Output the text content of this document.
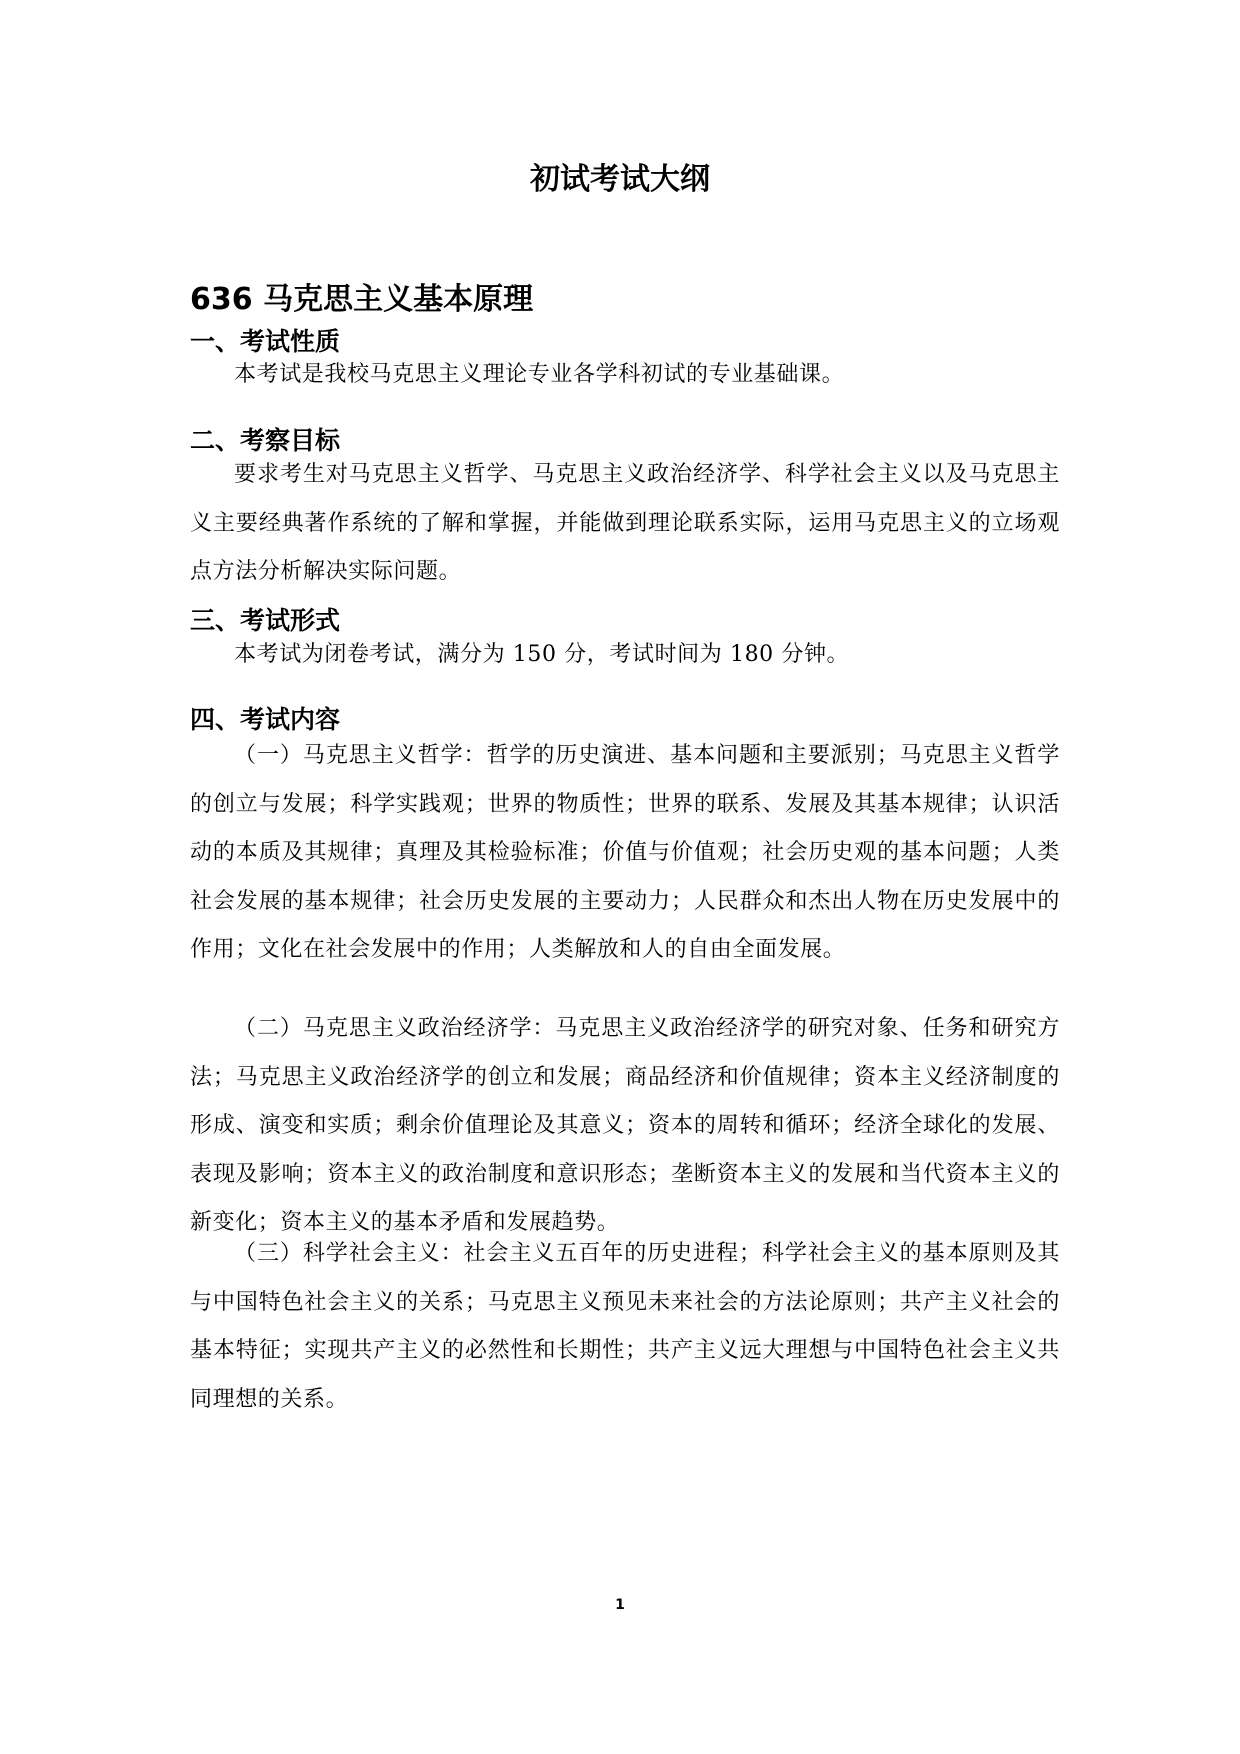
初试考试大纲
636 马克思主义基本原理
一、考试性质

本考试是我校马克思主义理论专业各学科初试的专业基础课。

二、考察目标

要求考生对马克思主义哲学、马克思主义政治经济学、科学社会主义以及马克思主义主要经典著作系统的了解和掌握，并能做到理论联系实际，运用马克思主义的立场观点方法分析解决实际问题。

三、考试形式

本考试为闭卷考试，满分为 150 分，考试时间为 180 分钟。

四、考试内容

（一）马克思主义哲学：哲学的历史演进、基本问题和主要派别；马克思主义哲学的创立与发展；科学实践观；世界的物质性；世界的联系、发展及其基本规律；认识活动的本质及其规律；真理及其检验标准；价值与价值观；社会历史观的基本问题；人类社会发展的基本规律；社会历史发展的主要动力；人民群众和杰出人物在历史发展中的作用；文化在社会发展中的作用；人类解放和人的自由全面发展。

（二）马克思主义政治经济学：马克思主义政治经济学的研究对象、任务和研究方法；马克思主义政治经济学的创立和发展；商品经济和价值规律；资本主义经济制度的形成、演变和实质；剩余价值理论及其意义；资本的周转和循环；经济全球化的发展、表现及影响；资本主义的政治制度和意识形态；垄断资本主义的发展和当代资本主义的新变化；资本主义的基本矛盾和发展趋势。

（三）科学社会主义：社会主义五百年的历史进程；科学社会主义的基本原则及其与中国特色社会主义的关系；马克思主义预见未来社会的方法论原则；共产主义社会的基本特征；实现共产主义的必然性和长期性；共产主义远大理想与中国特色社会主义共同理想的关系。

1
